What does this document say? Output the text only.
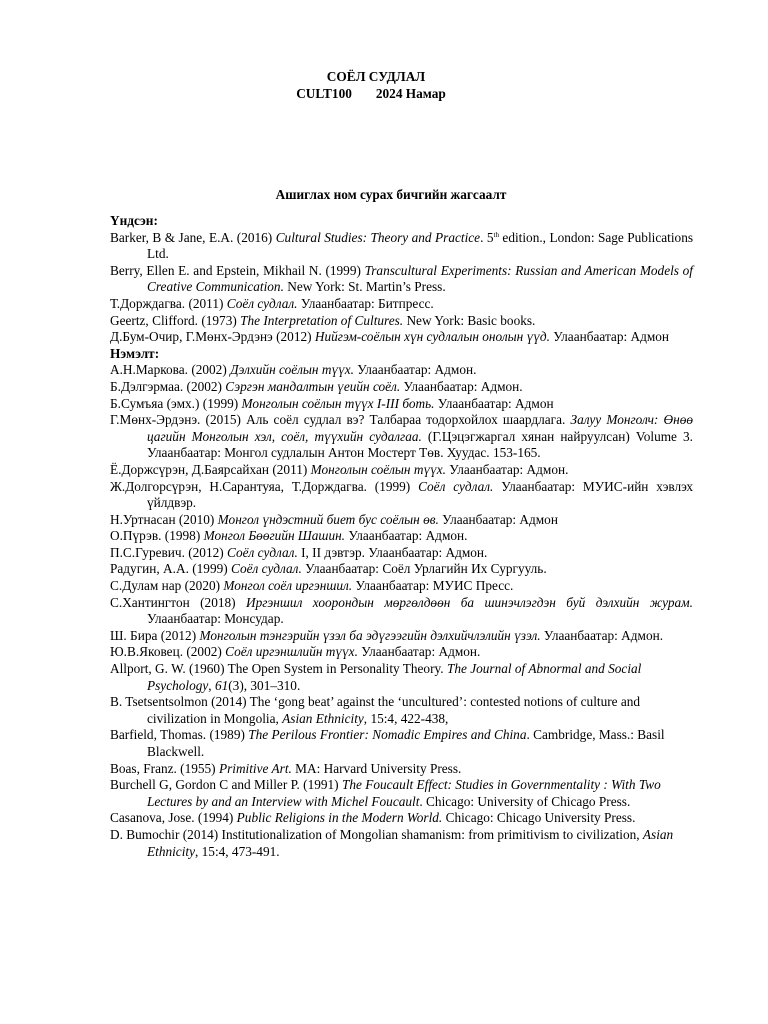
СОЁЛ СУДЛАЛ
CULT100 2024 Намар
Ашиглах ном сурах бичгийн жагсаалт
Үндсэн:
Barker, B & Jane, E.A. (2016) Cultural Studies: Theory and Practice. 5th edition., London: Sage Publications Ltd.
Berry, Ellen E. and Epstein, Mikhail N. (1999) Transcultural Experiments: Russian and American Models of Creative Communication. New York: St. Martin’s Press.
Т.Дорждагва. (2011) Соёл судлал. Улаанбаатар: Битпресс.
Geertz, Clifford. (1973) The Interpretation of Cultures. New York: Basic books.
Д.Бум-Очир, Г.Мөнх-Эрдэнэ (2012) Нийгэм-соёлын хүн судлалын онолын үүд. Улаанбаатар: Адмон
Нэмэлт:
А.Н.Маркова. (2002) Дэлхийн соёлын түүх. Улаанбаатар: Адмон.
Б.Дэлгэрмаа. (2002) Сэргэн мандалтын үеийн соёл. Улаанбаатар: Адмон.
Б.Сумъяа (эмх.) (1999) Монголын соёлын түүх I-III боть. Улаанбаатар: Адмон
Г.Мөнх-Эрдэнэ. (2015) Аль соёл судлал вэ? Талбараа тодорхойлох шаардлага. Залуу Монголч: Өнөө цагийн Монголын хэл, соёл, түүхийн судалгаа. (Г.Цэцэгжаргал хянан найруулсан) Volume 3. Улаанбаатар: Монгол судлалын Антон Мостерт Төв. Хуудас. 153-165.
Ё.Доржсүрэн, Д.Баярсайхан (2011) Монголын соёлын түүх. Улаанбаатар: Адмон.
Ж.Долгорсүрэн, Н.Сарантуяа, Т.Дорждагва. (1999) Соёл судлал. Улаанбаатар: МУИС-ийн хэвлэх үйлдвэр.
Н.Уртнасан (2010) Монгол үндэстний биет бус соёлын өв. Улаанбаатар: Адмон
О.Пүрэв. (1998) Монгол Бөөгийн Шашин. Улаанбаатар: Адмон.
П.С.Гуревич. (2012) Соёл судлал. I, II дэвтэр. Улаанбаатар: Адмон.
Радугин, А.А. (1999) Соёл судлал. Улаанбаатар: Соёл Урлагийн Их Сургууль.
С.Дулам нар (2020) Монгол соёл иргэншил. Улаанбаатар: МУИС Пресс.
С.Хантингтон (2018) Иргэншил хоорондын мөргөлдөөн ба шинэчлэгдэн буй дэлхийн журам. Улаанбаатар: Монсудар.
Ш. Бира (2012) Монголын тэнгэрийн үзэл ба эдүгээгийн дэлхийчлэлийн үзэл. Улаанбаатар: Адмон.
Ю.В.Яковец. (2002) Соёл иргэншлийн түүх. Улаанбаатар: Адмон.
Allport, G. W. (1960) The Open System in Personality Theory. The Journal of Abnormal and Social Psychology, 61(3), 301–310.
B. Tsetsentsolmon (2014) The ‘gong beat’ against the ‘uncultured’: contested notions of culture and civilization in Mongolia, Asian Ethnicity, 15:4, 422-438,
Barfield, Thomas. (1989) The Perilous Frontier: Nomadic Empires and China. Cambridge, Mass.: Basil Blackwell.
Boas, Franz. (1955) Primitive Art. MA: Harvard University Press.
Burchell G, Gordon C and Miller P. (1991) The Foucault Effect: Studies in Governmentality : With Two Lectures by and an Interview with Michel Foucault. Chicago: University of Chicago Press.
Casanova, Jose. (1994) Public Religions in the Modern World. Chicago: Chicago University Press.
D. Bumochir (2014) Institutionalization of Mongolian shamanism: from primitivism to civilization, Asian Ethnicity, 15:4, 473-491.
